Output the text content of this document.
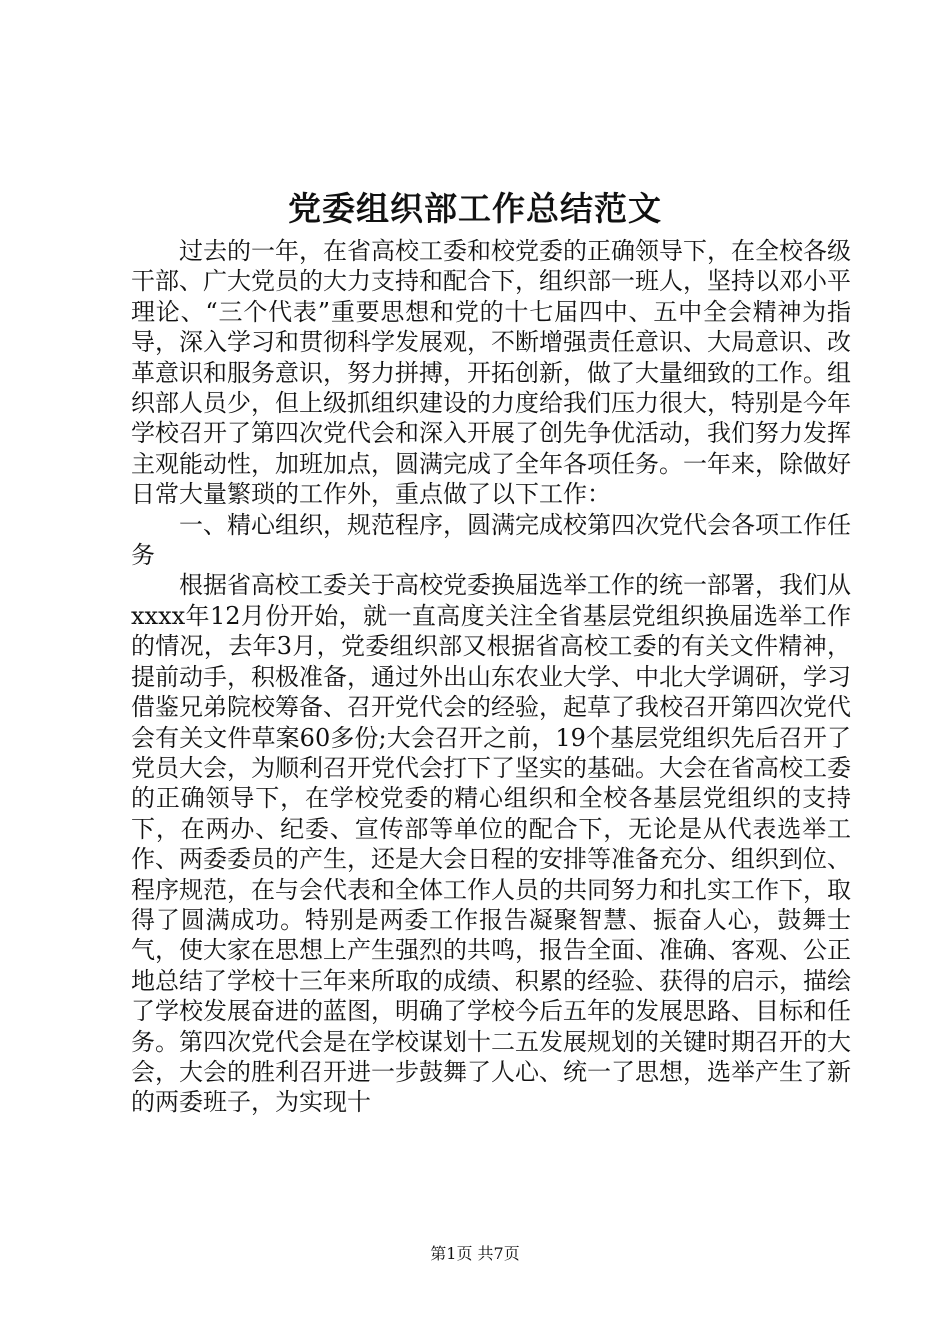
党委组织部工作总结范文

过去的一年，在省高校工委和校党委的正确领导下，在全校各级干部、广大党员的大力支持和配合下，组织部一班人，坚持以邓小平理论、“三个代表”重要思想和党的十七届四中、五中全会精神为指导，深入学习和贯彻科学发展观，不断增强责任意识、大局意识、改革意识和服务意识，努力拼搏，开拓创新，做了大量细致的工作。组织部人员少，但上级抓组织建设的力度给我们压力很大，特别是今年学校召开了第四次党代会和深入开展了创先争优活动，我们努力发挥主观能动性，加班加点，圆满完成了全年各项任务。一年来，除做好日常大量繁琐的工作外，重点做了以下工作：

一、精心组织，规范程序，圆满完成校第四次党代会各项工作任务

根据省高校工委关于高校党委换届选举工作的统一部署，我们从xxxx年12月份开始，就一直高度关注全省基层党组织换届选举工作的情况，去年3月，党委组织部又根据省高校工委的有关文件精神，提前动手，积极准备，通过外出山东农业大学、中北大学调研，学习借鉴兄弟院校筹备、召开党代会的经验，起草了我校召开第四次党代会有关文件草案60多份;大会召开之前，19个基层党组织先后召开了党员大会，为顺利召开党代会打下了坚实的基础。大会在省高校工委的正确领导下，在学校党委的精心组织和全校各基层党组织的支持下，在两办、纪委、宣传部等单位的配合下，无论是从代表选举工作、两委委员的产生，还是大会日程的安排等准备充分、组织到位、程序规范，在与会代表和全体工作人员的共同努力和扎实工作下，取得了圆满成功。特别是两委工作报告凝聚智慧、振奋人心，鼓舞士气，使大家在思想上产生强烈的共鸣，报告全面、准确、客观、公正地总结了学校十三年来所取的成绩、积累的经验、获得的启示，描绘了学校发展奋进的蓝图，明确了学校今后五年的发展思路、目标和任务。第四次党代会是在学校谋划十二五发展规划的关键时期召开的大会，大会的胜利召开进一步鼓舞了人心、统一了思想，选举产生了新的两委班子，为实现十

第1页 共7页
